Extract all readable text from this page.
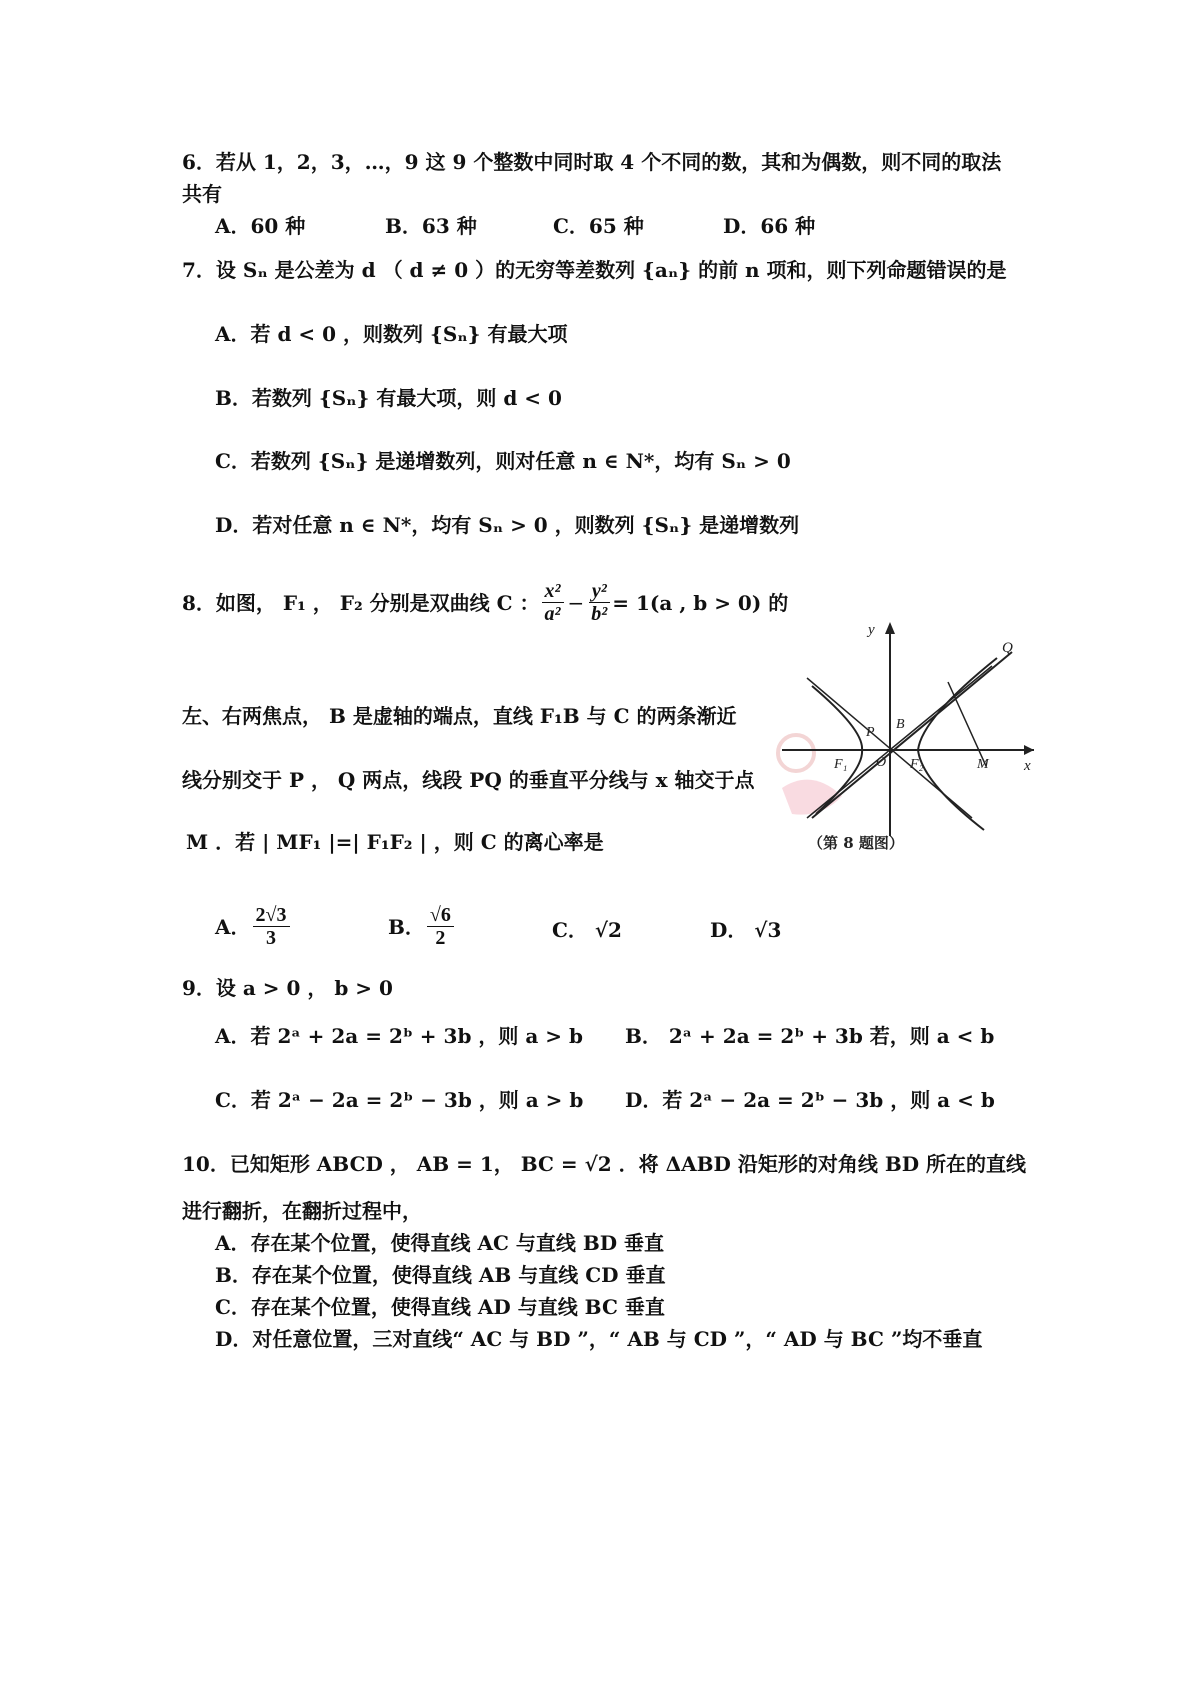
6．若从 1，2，3，…，9 这 9 个整数中同时取 4 个不同的数，其和为偶数，则不同的取法
共有
A．60 种	B．63 种	C．65 种	D．66 种
7．设 Sₙ 是公差为 d （ d ≠ 0 ）的无穷等差数列 {aₙ} 的前 n 项和，则下列命题错误的是
A．若 d < 0 ，则数列 {Sₙ} 有最大项
B．若数列 {Sₙ} 有最大项，则 d < 0
C．若数列 {Sₙ} 是递增数列，则对任意 n ∈ N*，均有 Sₙ > 0
D．若对任意 n ∈ N*，均有 Sₙ > 0 ，则数列 {Sₙ} 是递增数列
8．如图， F₁ ， F₂ 分别是双曲线 C ： $\frac{\text{x²}}{\text{a²}} - \frac{\text{y²}}{\text{b²}} = 1(a$ , b > 0) 的
左、右两焦点， B 是虚轴的端点，直线 F₁B 与 C 的两条渐近
线分别交于 P ， Q 两点，线段 PQ 的垂直平分线与 x 轴交于点
M ．若 | MF₁ |=| F₁F₂ | ，则 C 的离心率是
y
x
Q
P
B
O
F₁	F₂	M
（第 8 题图）
A． $\frac{2√3}{3}$	B． $\frac{√6}{2}$	C． √2	D． √3
9．设 a > 0 ， b > 0
A．若 2ᵃ + 2a = 2ᵇ + 3b ，则 a > b B． 2ᵃ + 2a = 2ᵇ + 3b 若，则 a < b
C．若 2ᵃ − 2a = 2ᵇ − 3b ，则 a > b D．若 2ᵃ − 2a = 2ᵇ − 3b ，则 a < b
10．已知矩形 ABCD ， AB = 1， BC = √2 ．将 ΔABD 沿矩形的对角线 BD 所在的直线
进行翻折，在翻折过程中，
A．存在某个位置，使得直线 AC 与直线 BD 垂直
B．存在某个位置，使得直线 AB 与直线 CD 垂直
C．存在某个位置，使得直线 AD 与直线 BC 垂直
D．对任意位置，三对直线“ AC 与 BD ”，“ AB 与 CD ”，“ AD 与 BC ”均不垂直
